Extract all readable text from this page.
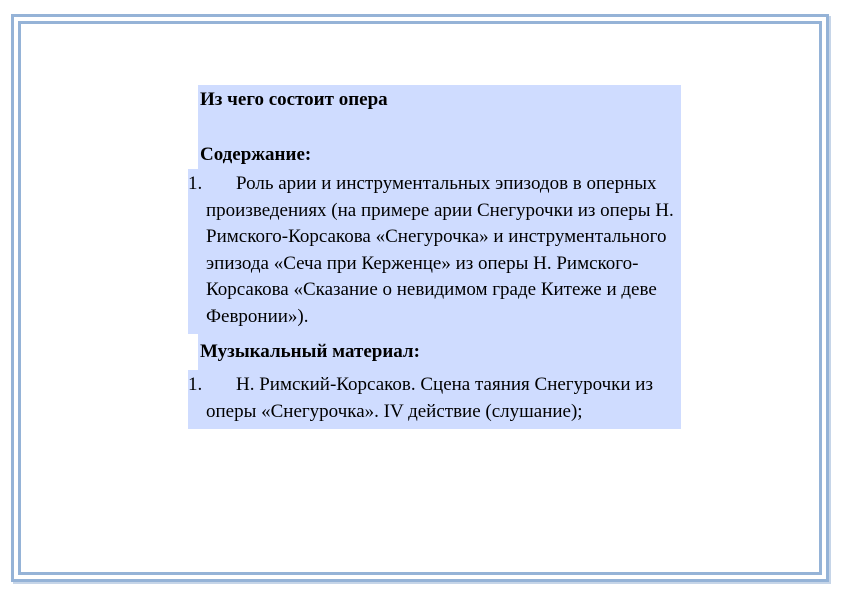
Из чего состоит опера
Содержание:
1.	Роль арии и инструментальных эпизодов в оперных произведениях (на примере арии Снегурочки из оперы Н. Римского-Корсакова «Снегурочка» и инструментального эпизода «Сеча при Керженце» из оперы Н. Римского-Корсакова «Сказание о невидимом граде Китеже и деве Февронии»).
Музыкальный материал:
1.	Н. Римский-Корсаков. Сцена таяния Снегурочки из оперы «Снегурочка». IV действие (слушание);
